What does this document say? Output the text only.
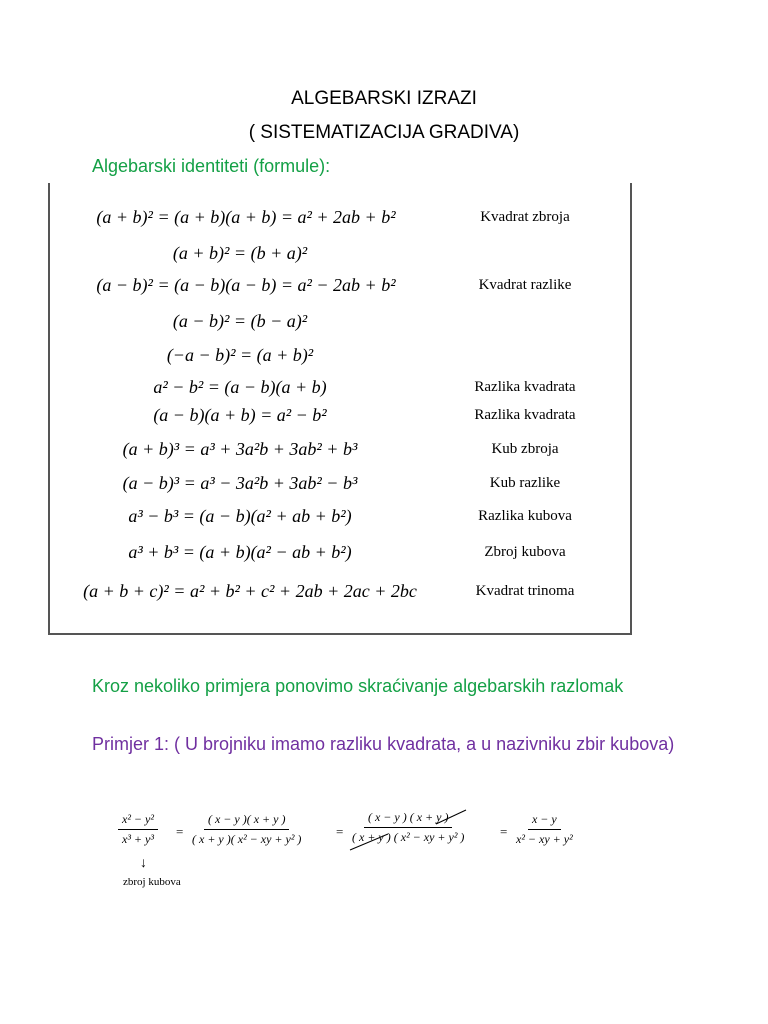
ALGEBARSKI IZRAZI
( SISTEMATIZACIJA GRADIVA)
Algebarski identiteti (formule):
(a + b)² = (a + b)(a + b) = a² + 2ab + b²	Kvadrat zbroja
(a + b)² = (b + a)²
(a − b)² = (a − b)(a − b) = a² − 2ab + b²	Kvadrat razlike
(a − b)² = (b − a)²
(−a − b)² = (a + b)²
a² − b² = (a − b)(a + b)	Razlika kvadrata
(a − b)(a + b) = a² − b²	Razlika kvadrata
(a + b)³ = a³ + 3a²b + 3ab² + b³	Kub zbroja
(a − b)³ = a³ − 3a²b + 3ab² − b³	Kub razlike
a³ − b³ = (a − b)(a² + ab + b²)	Razlika kubova
a³ + b³ = (a + b)(a² − ab + b²)	Zbroj kubova
(a + b + c)² = a² + b² + c² + 2ab + 2ac + 2bc	Kvadrat trinoma
Kroz nekoliko primjera ponovimo skraćivanje algebarskih razlomak
Primjer 1: ( U brojniku imamo razliku kvadrata, a u nazivniku zbir kubova)
$\frac{\text{x² − y²}}{\text{x³ + y³}} = \frac{( x - y )( x + y )}{\text{( x + y )( x² − xy + y² )}} = \frac{( x - y ) ( x + y )}{\text{( x + y ) ( x² − xy + y² )}} = \frac{x - y}{\text{x² − xy + y²}}$
↓
zbroj kubova
